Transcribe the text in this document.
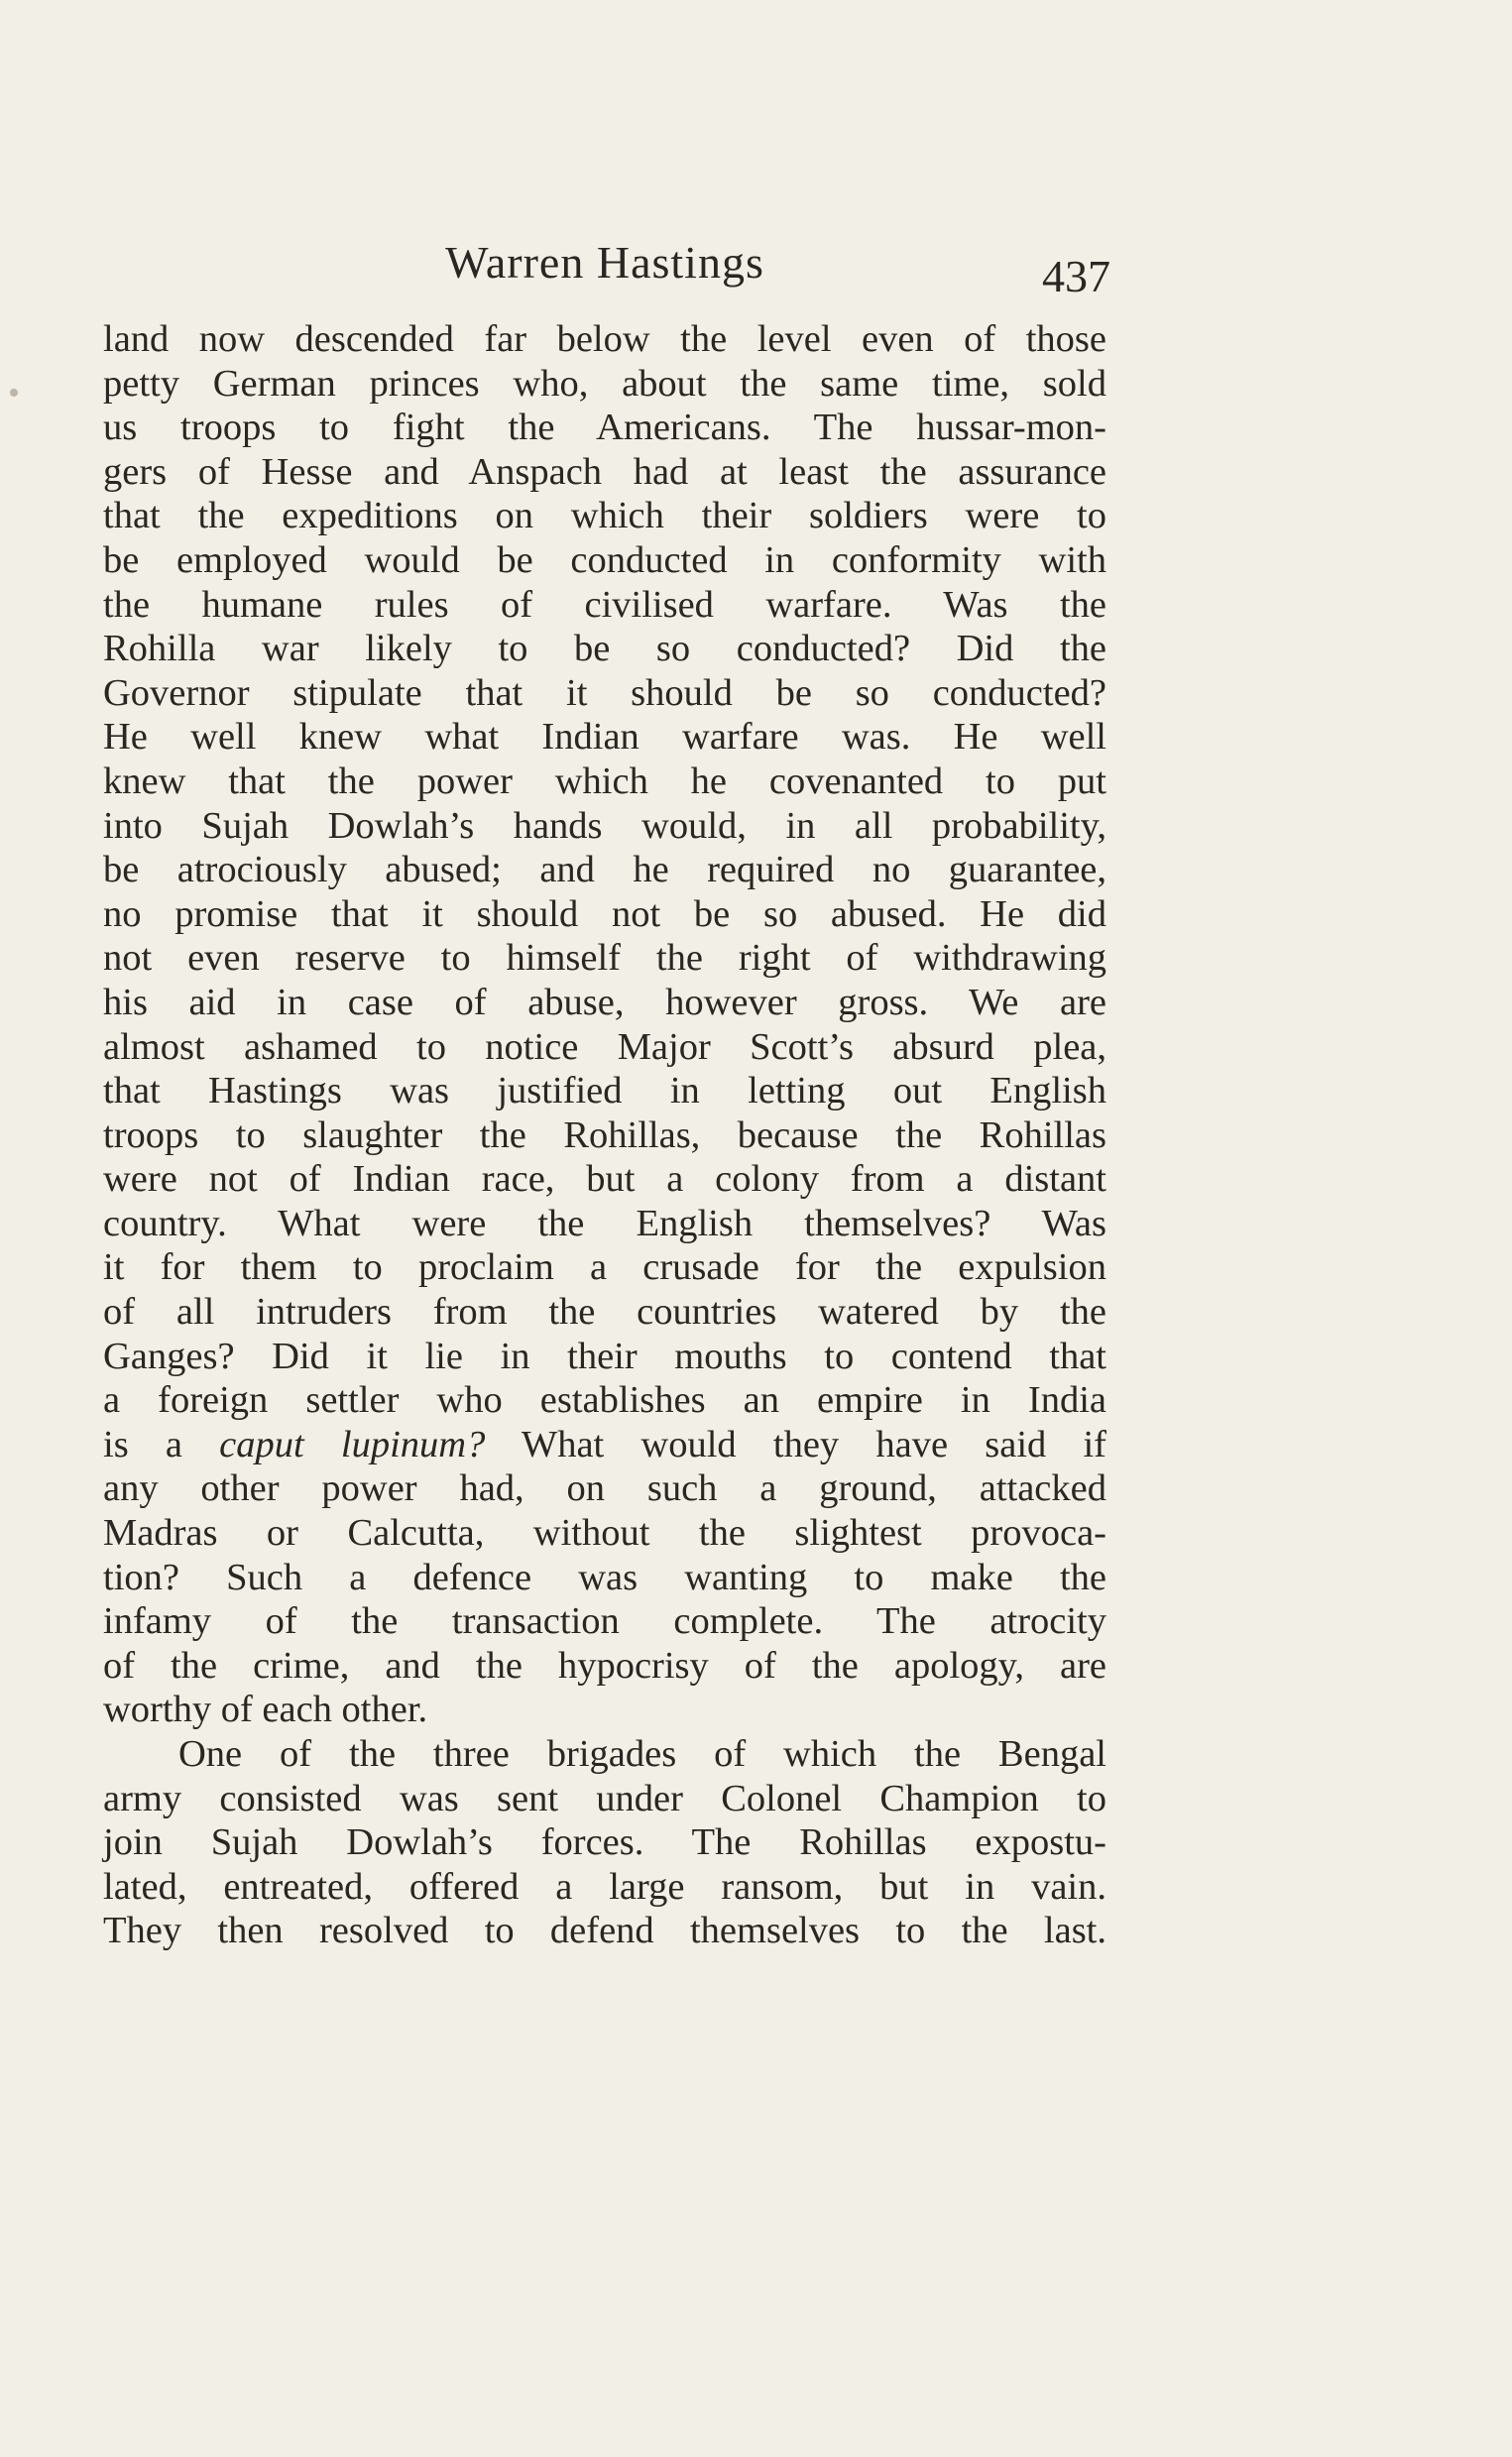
Warren Hastings	437
land now descended far below the level even of those
petty German princes who, about the same time, sold
us troops to fight the Americans. The hussar-mon-
gers of Hesse and Anspach had at least the assurance
that the expeditions on which their soldiers were to
be employed would be conducted in conformity with
the humane rules of civilised warfare. Was the
Rohilla war likely to be so conducted? Did the
Governor stipulate that it should be so conducted?
He well knew what Indian warfare was. He well
knew that the power which he covenanted to put
into Sujah Dowlah’s hands would, in all probability,
be atrociously abused; and he required no guarantee,
no promise that it should not be so abused. He did
not even reserve to himself the right of withdrawing
his aid in case of abuse, however gross. We are
almost ashamed to notice Major Scott’s absurd plea,
that Hastings was justified in letting out English
troops to slaughter the Rohillas, because the Rohillas
were not of Indian race, but a colony from a distant
country. What were the English themselves? Was
it for them to proclaim a crusade for the expulsion
of all intruders from the countries watered by the
Ganges? Did it lie in their mouths to contend that
a foreign settler who establishes an empire in India
is a caput lupinum? What would they have said if
any other power had, on such a ground, attacked
Madras or Calcutta, without the slightest provoca-
tion? Such a defence was wanting to make the
infamy of the transaction complete. The atrocity
of the crime, and the hypocrisy of the apology, are
worthy of each other.
One of the three brigades of which the Bengal
army consisted was sent under Colonel Champion to
join Sujah Dowlah’s forces. The Rohillas expostu-
lated, entreated, offered a large ransom, but in vain.
They then resolved to defend themselves to the last.
